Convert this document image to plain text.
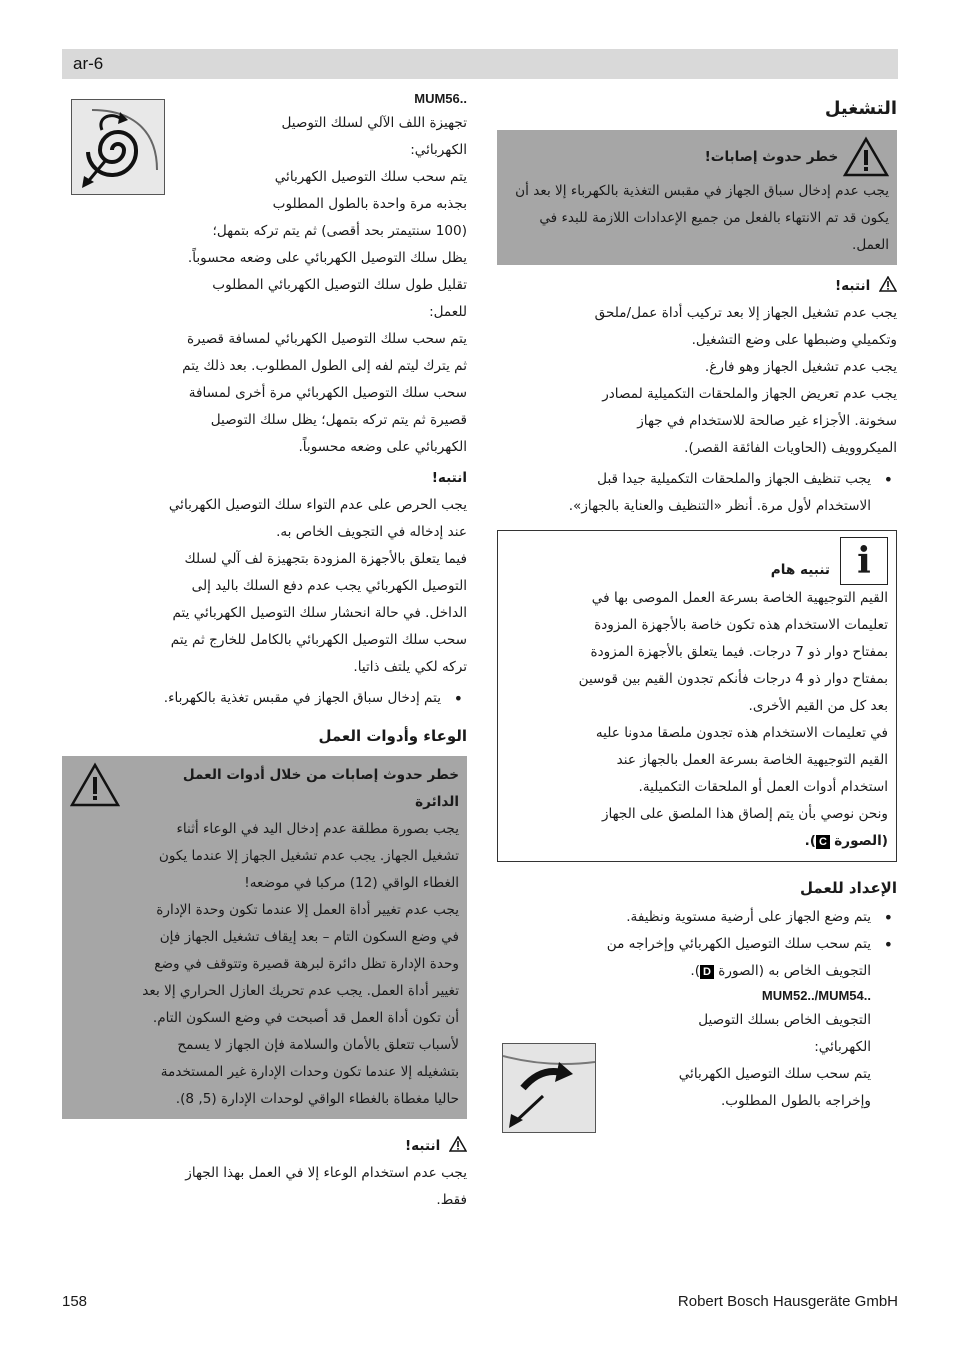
ar-6
التشغيل
خطر حدوث إصابات!

يجب عدم إدخال سباق الجهاز في مقبس التغذية بالكهرباء إلا بعد أن يكون قد تم الانتهاء بالفعل من جميع الإعدادات اللازمة للبدء في العمل.

انتبه!

يجب عدم تشغيل الجهاز إلا بعد تركيب أداة عمل/ملحق

وتكميلي وضبطها على وضع التشغيل.

يجب عدم تشغيل الجهاز وهو فارغ.

يجب عدم تعريض الجهاز والملحقات التكميلية لمصادر

سخونة. الأجزاء غير صالحة للاستخدام في جهاز

الميكروويف (الحاويات الفائقة القصر).

• يجب تنظيف الجهاز والملحقات التكميلية جيدا قبل
الاستخدام لأول مرة. أنظر «التنظيف والعناية بالجهاز».
i
تنبيه هام

القيم التوجيهية الخاصة بسرعة العمل الموصى بها في

تعليمات الاستخدام هذه تكون خاصة بالأجهزة المزودة

بمفتاح دوار ذو 7 درجات. فيما يتعلق بالأجهزة المزودة

بمفتاح دوار ذو 4 درجات فأنكم تجدون القيم بين قوسين

بعد كل من القيم الأخرى.

في تعليمات الاستخدام هذه تجدون ملصقا مدونا عليه

القيم التوجيهية الخاصة بسرعة العمل بالجهاز عند

استخدام أدوات العمل أو الملحقات التكميلية.

ونحن نوصي بأن يتم إلصاق هذا الملصق على الجهاز

(الصورة C).

الإعداد للعمل
• يتم وضع الجهاز على أرضية مستوية ونظيفة.
• يتم سحب سلك التوصيل الكهربائي وإخراجه من
التجويف الخاص به (الصورة D).
MUM52../MUM54..

التجويف الخاص بسلك التوصيل

الكهربائي:

يتم سحب سلك التوصيل الكهربائي

وإخراجه بالطول المطلوب.

MUM56..

تجهيزة اللف الآلي لسلك التوصيل

الكهربائي:

يتم سحب سلك التوصيل الكهربائي

بجذبه مرة واحدة بالطول المطلوب

(100 سنتيمتر بحد أقصى) ثم يتم تركه بتمهل؛

يظل سلك التوصيل الكهربائي على وضعه محسوباً.

تقليل طول سلك التوصيل الكهربائي المطلوب للعمل:

يتم سحب سلك التوصيل الكهربائي لمسافة قصيرة

ثم يترك ليتم لفه إلى الطول المطلوب. بعد ذلك يتم

سحب سلك التوصيل الكهربائي مرة أخرى لمسافة

قصيرة ثم يتم تركه بتمهل؛ يظل سلك التوصيل

الكهربائي على وضعه محسوباً.

انتبه!

يجب الحرص على عدم التواء سلك التوصيل الكهربائي

عند إدخاله في التجويف الخاص به.

فيما يتعلق بالأجهزة المزودة بتجهيزة لف آلي لسلك

التوصيل الكهربائي يجب عدم دفع السلك باليد إلى

الداخل. في حالة انحشار سلك التوصيل الكهربائي يتم

سحب سلك التوصيل الكهربائي بالكامل للخارج ثم يتم

تركه لكي يلتف ذاتيا.

• يتم إدخال سباق الجهاز في مقبس تغذية بالكهرباء.
الوعاء وأدوات العمل
خطر حدوث إصابات من خلال أدوات العمل
الدائرة

يجب بصورة مطلقة عدم إدخال اليد في الوعاء أثناء

تشغيل الجهاز. يجب عدم تشغيل الجهاز إلا عندما يكون

الغطاء الواقي (12) مركبا في موضعه!

يجب عدم تغيير أداة العمل إلا عندما تكون وحدة الإدارة

في وضع السكون التام – بعد إيقاف تشغيل الجهاز فإن

وحدة الإدارة تظل دائرة لبرهة قصيرة وتتوقف في وضع

تغيير أداة العمل. يجب عدم تحريك العازل الحراري إلا بعد

أن تكون أداة العمل قد أصبحت في وضع السكون التام.

لأسباب تتعلق بالأمان والسلامة فإن الجهاز لا يسمح

بتشغيله إلا عندما تكون وحدات الإدارة غير المستخدمة

حاليا مغطاة بالغطاء الواقي لوحدات الإدارة (5, 8).

انتبه!

يجب عدم استخدام الوعاء إلا في العمل بهذا الجهاز

فقط.

158	Robert Bosch Hausgeräte GmbH
